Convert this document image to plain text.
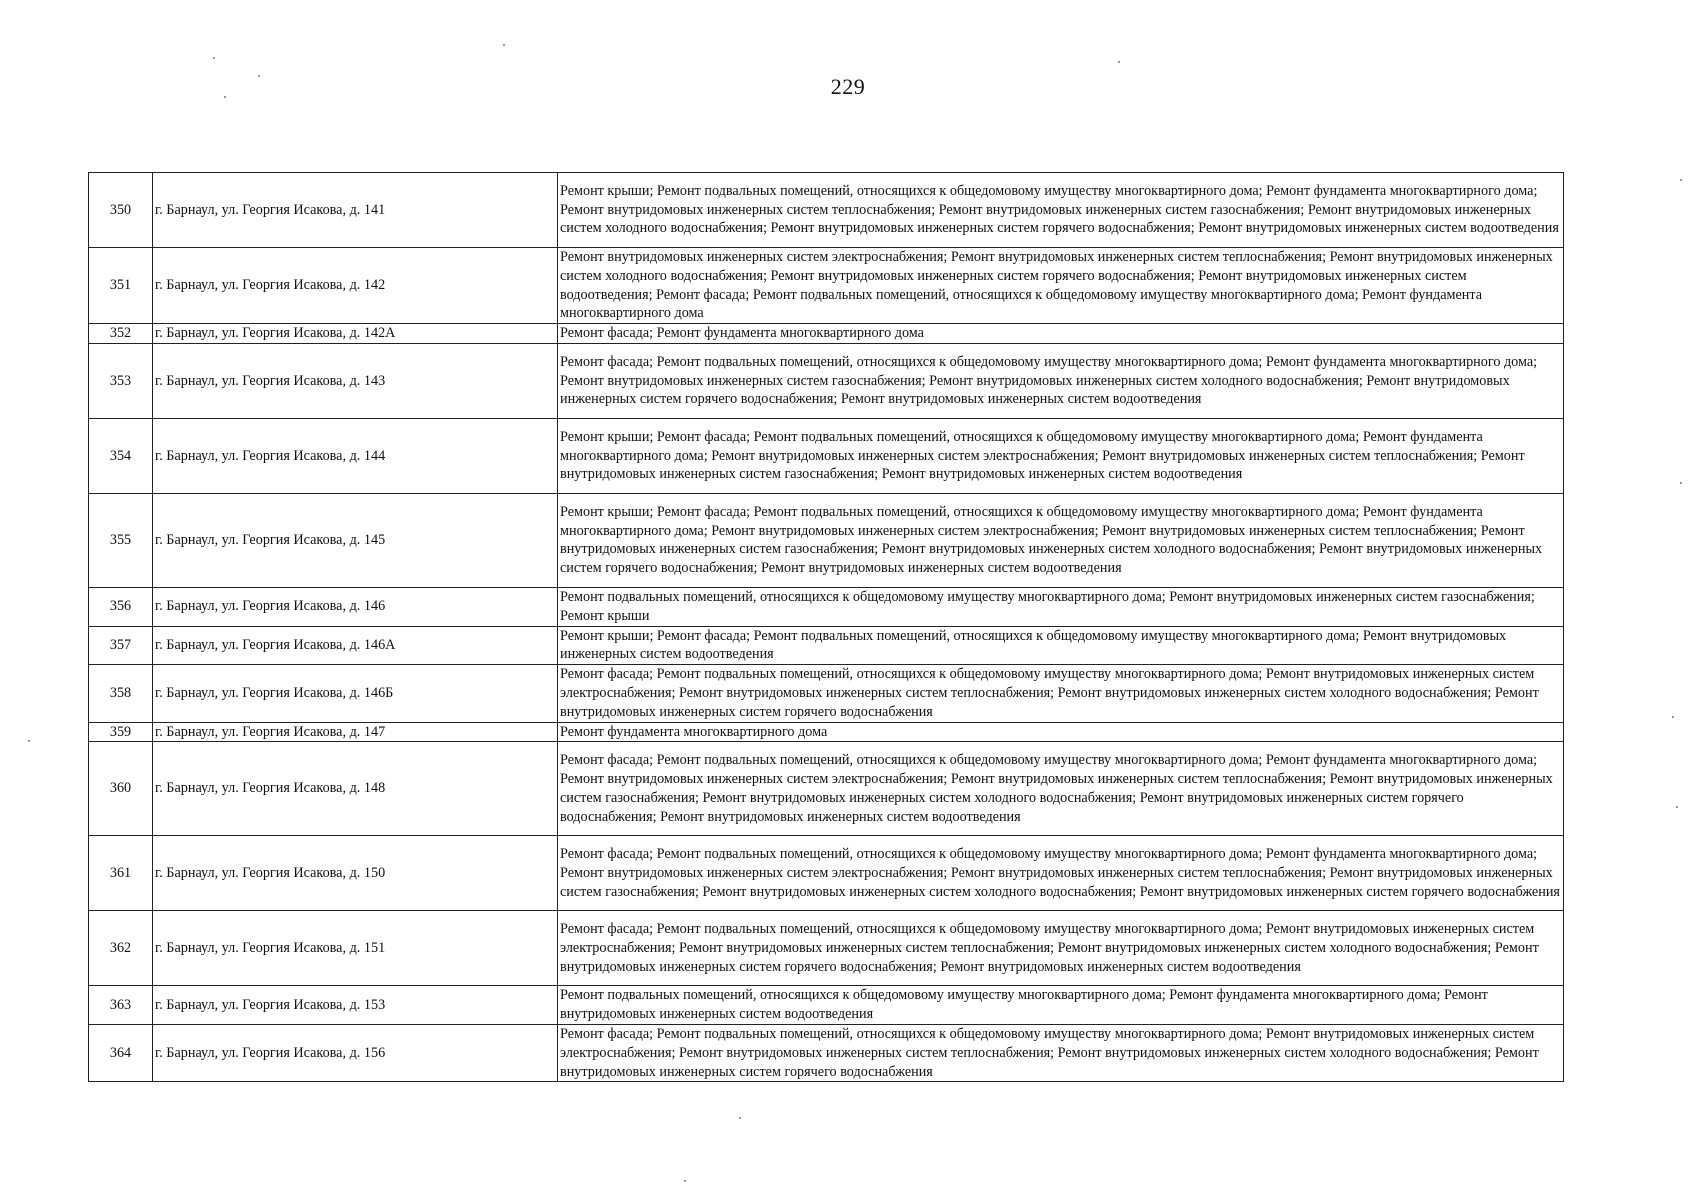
229
350	г. Барнаул, ул. Георгия Исакова, д. 141	Ремонт крыши; Ремонт подвальных помещений, относящихся к общедомовому имуществу многоквартирного дома; Ремонт фундамента многоквартирного дома; Ремонт внутридомовых инженерных систем теплоснабжения; Ремонт внутридомовых инженерных систем газоснабжения; Ремонт внутридомовых инженерных систем холодного водоснабжения; Ремонт внутридомовых инженерных систем горячего водоснабжения; Ремонт внутридомовых инженерных систем водоотведения
351	г. Барнаул, ул. Георгия Исакова, д. 142	Ремонт внутридомовых инженерных систем электроснабжения; Ремонт внутридомовых инженерных систем теплоснабжения; Ремонт внутридомовых инженерных систем холодного водоснабжения; Ремонт внутридомовых инженерных систем горячего водоснабжения; Ремонт внутридомовых инженерных систем водоотведения; Ремонт фасада; Ремонт подвальных помещений, относящихся к общедомовому имуществу многоквартирного дома; Ремонт фундамента многоквартирного дома
352	г. Барнаул, ул. Георгия Исакова, д. 142А	Ремонт фасада; Ремонт фундамента многоквартирного дома
353	г. Барнаул, ул. Георгия Исакова, д. 143	Ремонт фасада; Ремонт подвальных помещений, относящихся к общедомовому имуществу многоквартирного дома; Ремонт фундамента многоквартирного дома; Ремонт внутридомовых инженерных систем газоснабжения; Ремонт внутридомовых инженерных систем холодного водоснабжения; Ремонт внутридомовых инженерных систем горячего водоснабжения; Ремонт внутридомовых инженерных систем водоотведения
354	г. Барнаул, ул. Георгия Исакова, д. 144	Ремонт крыши; Ремонт фасада; Ремонт подвальных помещений, относящихся к общедомовому имуществу многоквартирного дома; Ремонт фундамента многоквартирного дома; Ремонт внутридомовых инженерных систем электроснабжения; Ремонт внутридомовых инженерных систем теплоснабжения; Ремонт внутридомовых инженерных систем газоснабжения; Ремонт внутридомовых инженерных систем водоотведения
355	г. Барнаул, ул. Георгия Исакова, д. 145	Ремонт крыши; Ремонт фасада; Ремонт подвальных помещений, относящихся к общедомовому имуществу многоквартирного дома; Ремонт фундамента многоквартирного дома; Ремонт внутридомовых инженерных систем электроснабжения; Ремонт внутридомовых инженерных систем теплоснабжения; Ремонт внутридомовых инженерных систем газоснабжения; Ремонт внутридомовых инженерных систем холодного водоснабжения; Ремонт внутридомовых инженерных систем горячего водоснабжения; Ремонт внутридомовых инженерных систем водоотведения
356	г. Барнаул, ул. Георгия Исакова, д. 146	Ремонт подвальных помещений, относящихся к общедомовому имуществу многоквартирного дома; Ремонт внутридомовых инженерных систем газоснабжения; Ремонт крыши
357	г. Барнаул, ул. Георгия Исакова, д. 146А	Ремонт крыши; Ремонт фасада; Ремонт подвальных помещений, относящихся к общедомовому имуществу многоквартирного дома; Ремонт внутридомовых инженерных систем водоотведения
358	г. Барнаул, ул. Георгия Исакова, д. 146Б	Ремонт фасада; Ремонт подвальных помещений, относящихся к общедомовому имуществу многоквартирного дома; Ремонт внутридомовых инженерных систем электроснабжения; Ремонт внутридомовых инженерных систем теплоснабжения; Ремонт внутридомовых инженерных систем холодного водоснабжения; Ремонт внутридомовых инженерных систем горячего водоснабжения
359	г. Барнаул, ул. Георгия Исакова, д. 147	Ремонт фундамента многоквартирного дома
360	г. Барнаул, ул. Георгия Исакова, д. 148	Ремонт фасада; Ремонт подвальных помещений, относящихся к общедомовому имуществу многоквартирного дома; Ремонт фундамента многоквартирного дома; Ремонт внутридомовых инженерных систем электроснабжения; Ремонт внутридомовых инженерных систем теплоснабжения; Ремонт внутридомовых инженерных систем газоснабжения; Ремонт внутридомовых инженерных систем холодного водоснабжения; Ремонт внутридомовых инженерных систем горячего водоснабжения; Ремонт внутридомовых инженерных систем водоотведения
361	г. Барнаул, ул. Георгия Исакова, д. 150	Ремонт фасада; Ремонт подвальных помещений, относящихся к общедомовому имуществу многоквартирного дома; Ремонт фундамента многоквартирного дома; Ремонт внутридомовых инженерных систем электроснабжения; Ремонт внутридомовых инженерных систем теплоснабжения; Ремонт внутридомовых инженерных систем газоснабжения; Ремонт внутридомовых инженерных систем холодного водоснабжения; Ремонт внутридомовых инженерных систем горячего водоснабжения
362	г. Барнаул, ул. Георгия Исакова, д. 151	Ремонт фасада; Ремонт подвальных помещений, относящихся к общедомовому имуществу многоквартирного дома; Ремонт внутридомовых инженерных систем электроснабжения; Ремонт внутридомовых инженерных систем теплоснабжения; Ремонт внутридомовых инженерных систем холодного водоснабжения; Ремонт внутридомовых инженерных систем горячего водоснабжения; Ремонт внутридомовых инженерных систем водоотведения
363	г. Барнаул, ул. Георгия Исакова, д. 153	Ремонт подвальных помещений, относящихся к общедомовому имуществу многоквартирного дома; Ремонт фундамента многоквартирного дома; Ремонт внутридомовых инженерных систем водоотведения
364	г. Барнаул, ул. Георгия Исакова, д. 156	Ремонт фасада; Ремонт подвальных помещений, относящихся к общедомовому имуществу многоквартирного дома; Ремонт внутридомовых инженерных систем электроснабжения; Ремонт внутридомовых инженерных систем теплоснабжения; Ремонт внутридомовых инженерных систем холодного водоснабжения; Ремонт внутридомовых инженерных систем горячего водоснабжения
